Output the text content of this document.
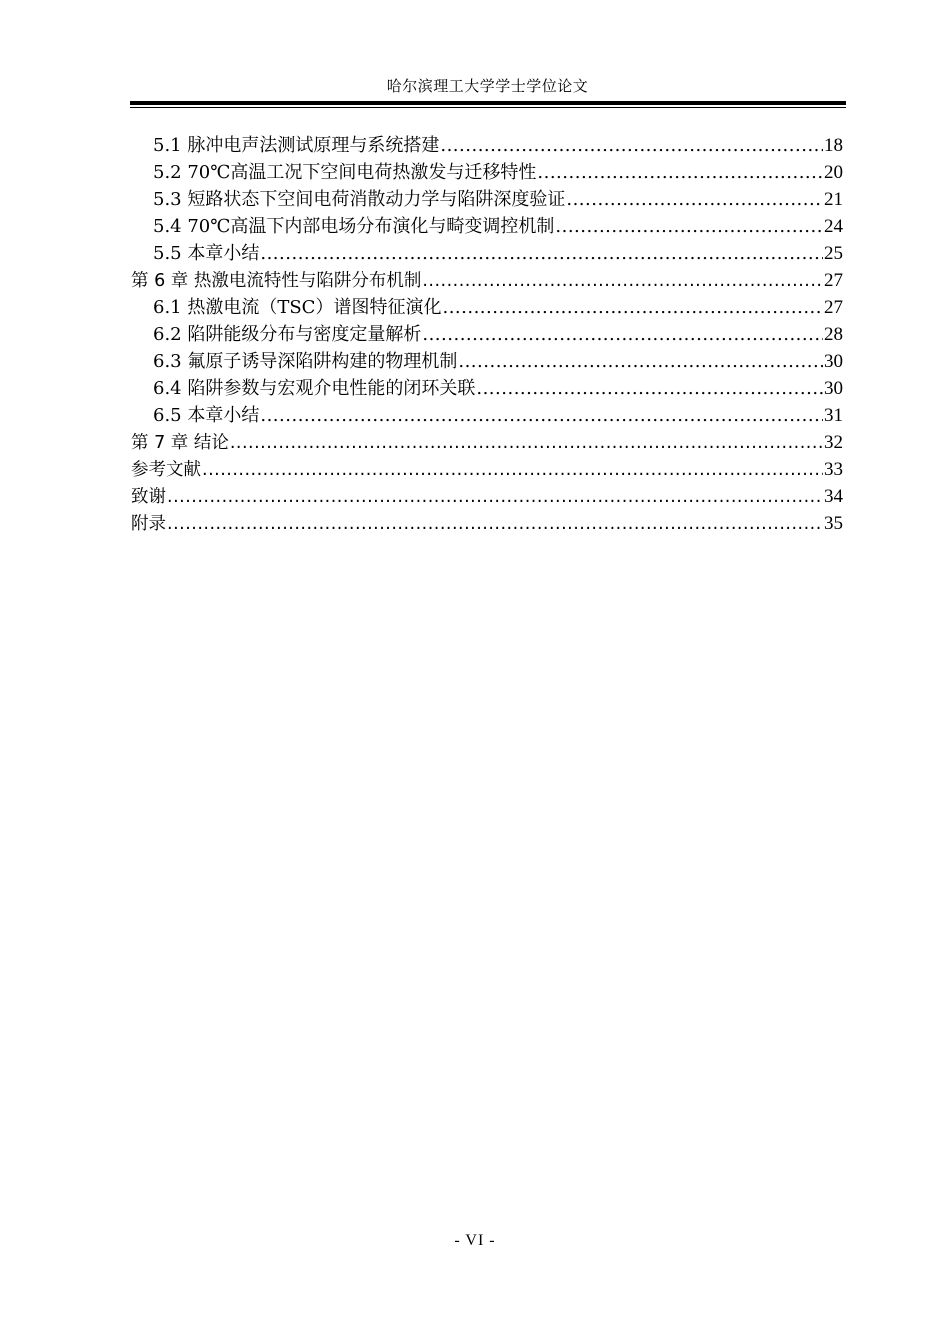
哈尔滨理工大学学士学位论文
5.1 脉冲电声法测试原理与系统搭建 .....	18
5.2 70℃高温工况下空间电荷热激发与迁移特性 .....	20
5.3 短路状态下空间电荷消散动力学与陷阱深度验证 .....	21
5.4 70℃高温下内部电场分布演化与畸变调控机制 .....	24
5.5 本章小结 .....	25
第 6 章 热激电流特性与陷阱分布机制 .....	27
6.1 热激电流（TSC）谱图特征演化 .....	27
6.2 陷阱能级分布与密度定量解析 .....	28
6.3 氟原子诱导深陷阱构建的物理机制 .....	30
6.4 陷阱参数与宏观介电性能的闭环关联 .....	30
6.5 本章小结 .....	31
第 7 章 结论 .....	32
参考文献 .....	33
致谢 .....	34
附录 .....	35
- VI -
